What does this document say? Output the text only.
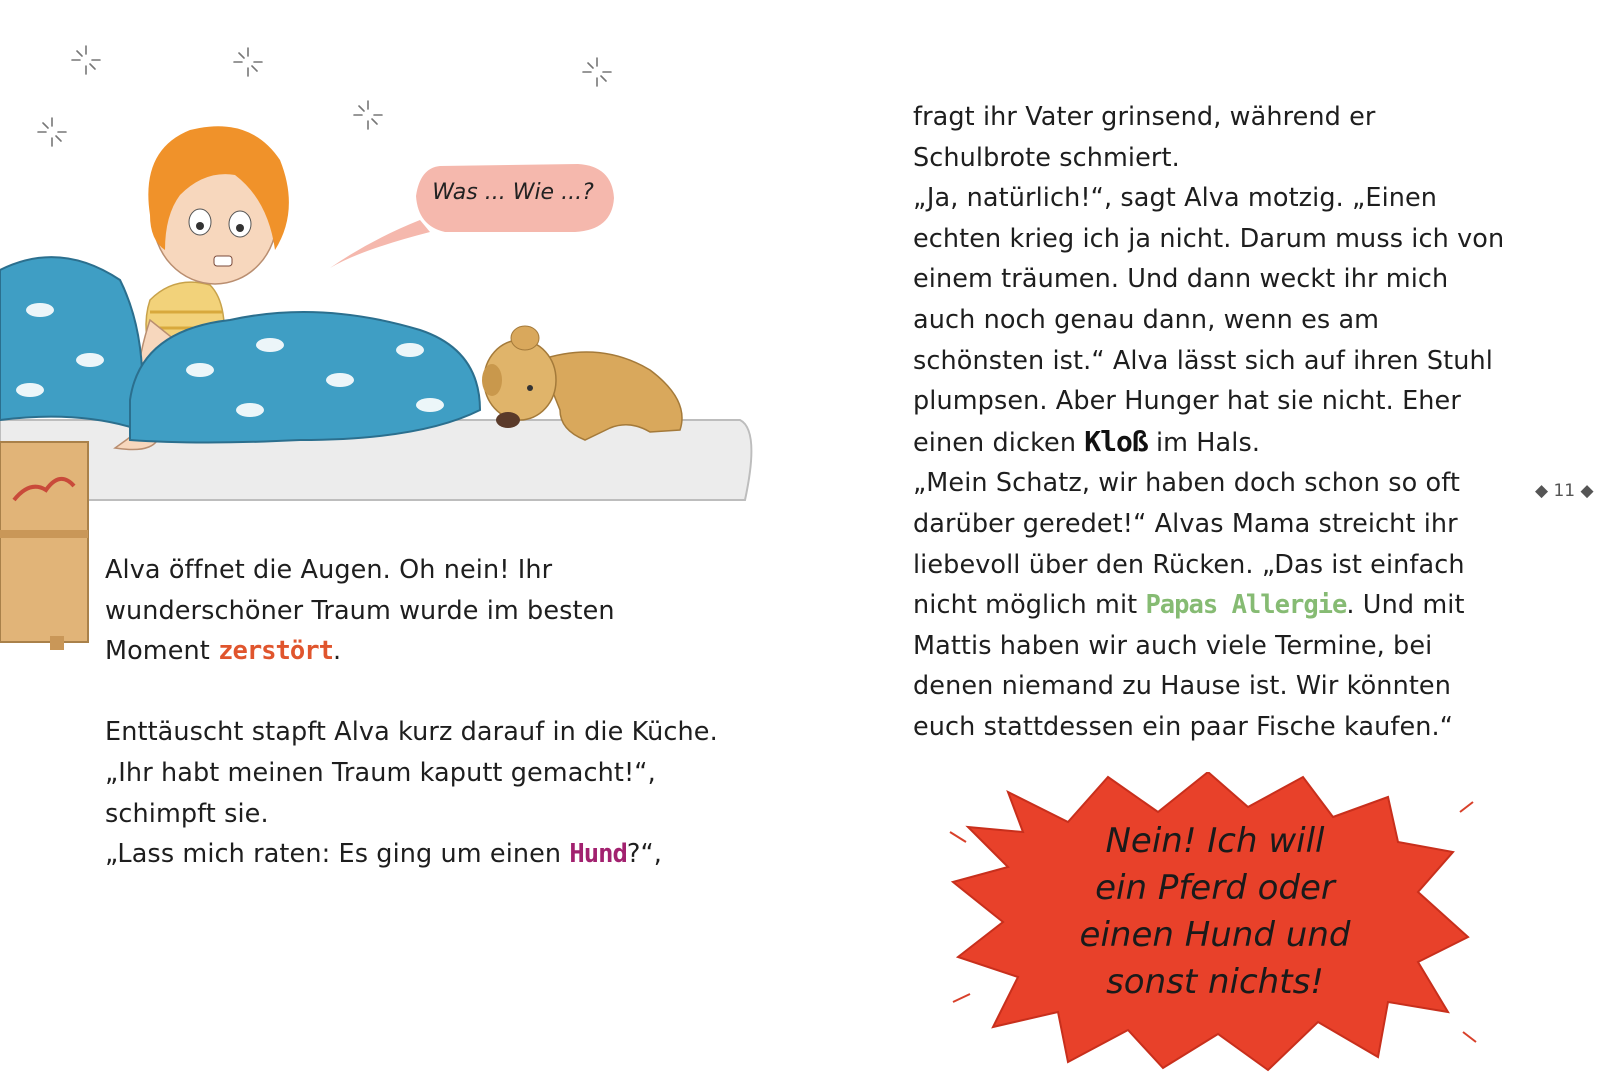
Was ... Wie ...?

Alva öffnet die Augen. Oh nein! Ihr wunderschöner Traum wurde im besten Moment zerstört.

Enttäuscht stapft Alva kurz darauf in die Küche.

„Ihr habt meinen Traum kaputt gemacht!“, schimpft sie.

„Lass mich raten: Es ging um einen Hund?“,

fragt ihr Vater grinsend, während er Schulbrote schmiert.

„Ja, natürlich!“, sagt Alva motzig. „Einen echten krieg ich ja nicht. Darum muss ich von einem träumen. Und dann weckt ihr mich auch noch genau dann, wenn es am schönsten ist.“ Alva lässt sich auf ihren Stuhl plumpsen. Aber Hunger hat sie nicht. Eher einen dicken Kloß im Hals.

„Mein Schatz, wir haben doch schon so oft darüber geredet!“ Alvas Mama streicht ihr liebevoll über den Rücken. „Das ist einfach nicht möglich mit Papas Allergie. Und mit Mattis haben wir auch viele Termine, bei denen niemand zu Hause ist. Wir könnten euch stattdessen ein paar Fische kaufen.“

◆ 11 ◆
Nein! Ich will
ein Pferd oder
einen Hund und
sonst nichts!
